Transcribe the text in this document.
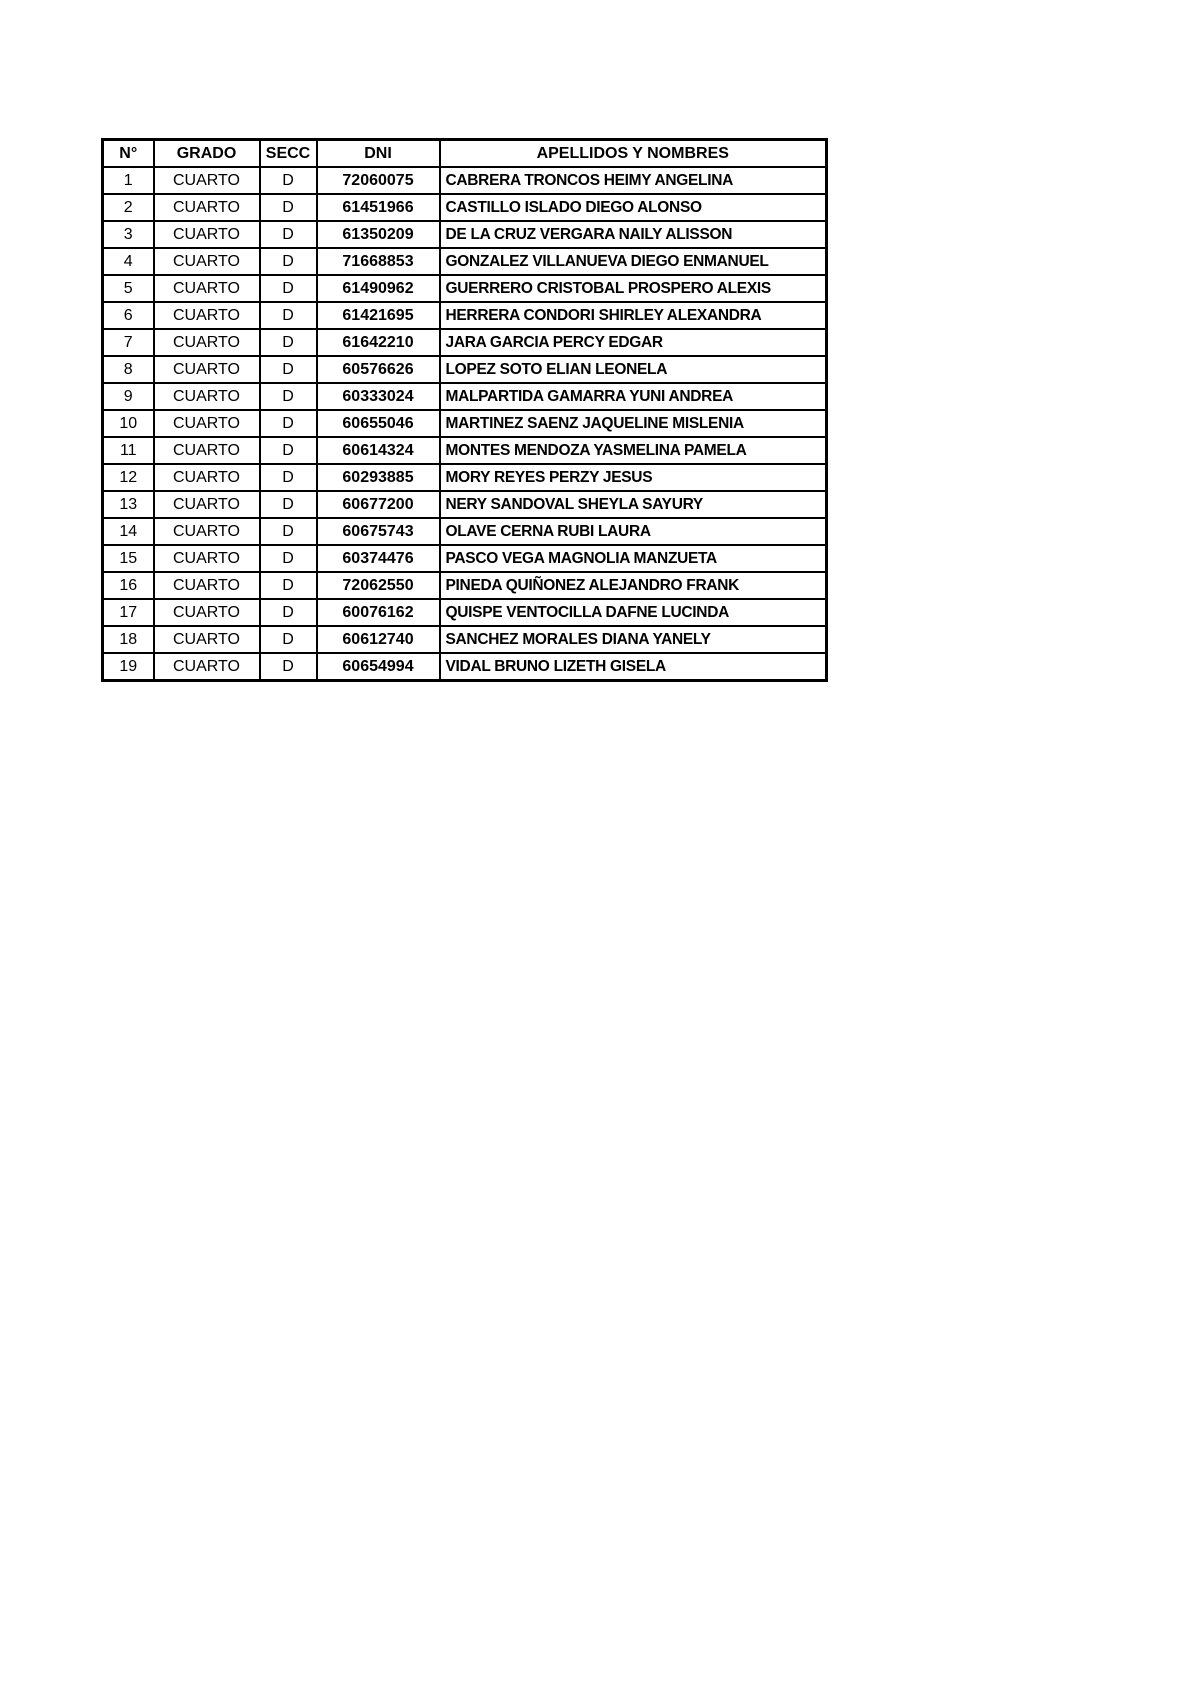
N°	GRADO	SECC	DNI	APELLIDOS Y NOMBRES
1	CUARTO	D	72060075	CABRERA TRONCOS HEIMY ANGELINA
2	CUARTO	D	61451966	CASTILLO ISLADO DIEGO ALONSO
3	CUARTO	D	61350209	DE LA CRUZ VERGARA NAILY ALISSON
4	CUARTO	D	71668853	GONZALEZ VILLANUEVA DIEGO ENMANUEL
5	CUARTO	D	61490962	GUERRERO CRISTOBAL PROSPERO ALEXIS
6	CUARTO	D	61421695	HERRERA CONDORI SHIRLEY ALEXANDRA
7	CUARTO	D	61642210	JARA GARCIA PERCY EDGAR
8	CUARTO	D	60576626	LOPEZ SOTO ELIAN LEONELA
9	CUARTO	D	60333024	MALPARTIDA GAMARRA YUNI ANDREA
10	CUARTO	D	60655046	MARTINEZ SAENZ JAQUELINE MISLENIA
11	CUARTO	D	60614324	MONTES MENDOZA YASMELINA PAMELA
12	CUARTO	D	60293885	MORY REYES PERZY JESUS
13	CUARTO	D	60677200	NERY SANDOVAL SHEYLA SAYURY
14	CUARTO	D	60675743	OLAVE CERNA RUBI LAURA
15	CUARTO	D	60374476	PASCO VEGA MAGNOLIA MANZUETA
16	CUARTO	D	72062550	PINEDA QUIÑONEZ ALEJANDRO FRANK
17	CUARTO	D	60076162	QUISPE VENTOCILLA DAFNE LUCINDA
18	CUARTO	D	60612740	SANCHEZ MORALES DIANA YANELY
19	CUARTO	D	60654994	VIDAL BRUNO LIZETH GISELA
